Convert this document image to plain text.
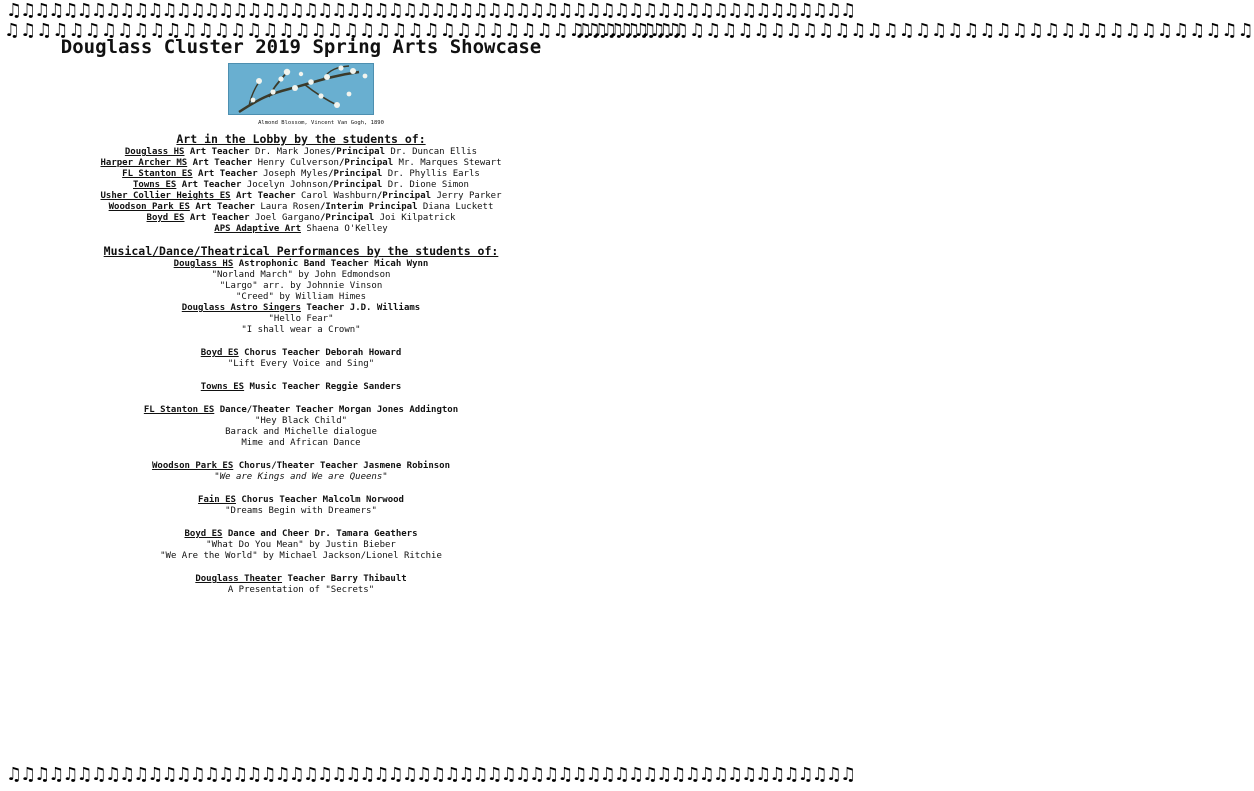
♫♫♫♫♫♫♫♫♫♫♫♫♫♫♫♫♫♫♫♫♫♫♫♫♫♫♫♫♫♫♫♫♫♫♫♫♫♫♫♫♫♫♫♫♫♫♫♫♫♫♫♫♫♫♫♫♫♫♫♫
♫♫♫♫♫♫♫♫♫♫♫♫♫♫♫♫♫♫♫♫♫♫♫♫♫♫♫♫♫♫♫♫♫♫♫♫♫♫♫♫♫♫♫♫♫♫♫♫♫♫♫♫♫♫♫♫♫♫♫♫
♫♫♫♫♫♫♫♫♫♫♫♫♫♫♫♫♫♫♫♫♫♫♫♫♫♫♫♫♫♫♫♫♫♫♫♫♫♫♫♫♫♫
♫♫♫♫♫♫♫♫♫♫♫♫♫♫♫♫♫♫♫♫♫♫♫♫♫♫♫♫♫♫♫♫♫♫♫♫♫♫♫♫♫♫
Douglass Cluster 2019 Spring Arts Showcase
Almond Blossom, Vincent Van Gogh, 1890
Art in the Lobby by the students of:
Douglass HS Art Teacher Dr. Mark Jones/Principal Dr. Duncan Ellis
Harper Archer MS Art Teacher Henry Culverson/Principal Mr. Marques Stewart
FL Stanton ES Art Teacher Joseph Myles/Principal Dr. Phyllis Earls
Towns ES Art Teacher Jocelyn Johnson/Principal Dr. Dione Simon
Usher Collier Heights ES Art Teacher Carol Washburn/Principal Jerry Parker
Woodson Park ES Art Teacher Laura Rosen/Interim Principal Diana Luckett
Boyd ES Art Teacher Joel Gargano/Principal Joi Kilpatrick
APS Adaptive Art Shaena O'Kelley
Musical/Dance/Theatrical Performances by the students of:
Douglass HS Astrophonic Band Teacher Micah Wynn
"Norland March" by John Edmondson
"Largo" arr. by Johnnie Vinson
"Creed" by William Himes
Douglass Astro Singers Teacher J.D. Williams
"Hello Fear"
"I shall wear a Crown"
Boyd ES Chorus Teacher Deborah Howard
"Lift Every Voice and Sing"
Towns ES Music Teacher Reggie Sanders
FL Stanton ES Dance/Theater Teacher Morgan Jones Addington
"Hey Black Child"
Barack and Michelle dialogue
Mime and African Dance
Woodson Park ES Chorus/Theater Teacher Jasmene Robinson
"We are Kings and We are Queens"
Fain ES Chorus Teacher Malcolm Norwood
"Dreams Begin with Dreamers"
Boyd ES Dance and Cheer Dr. Tamara Geathers
"What Do You Mean" by Justin Bieber
"We Are the World" by Michael Jackson/Lionel Ritchie
Douglass Theater Teacher Barry Thibault
A Presentation of "Secrets"
